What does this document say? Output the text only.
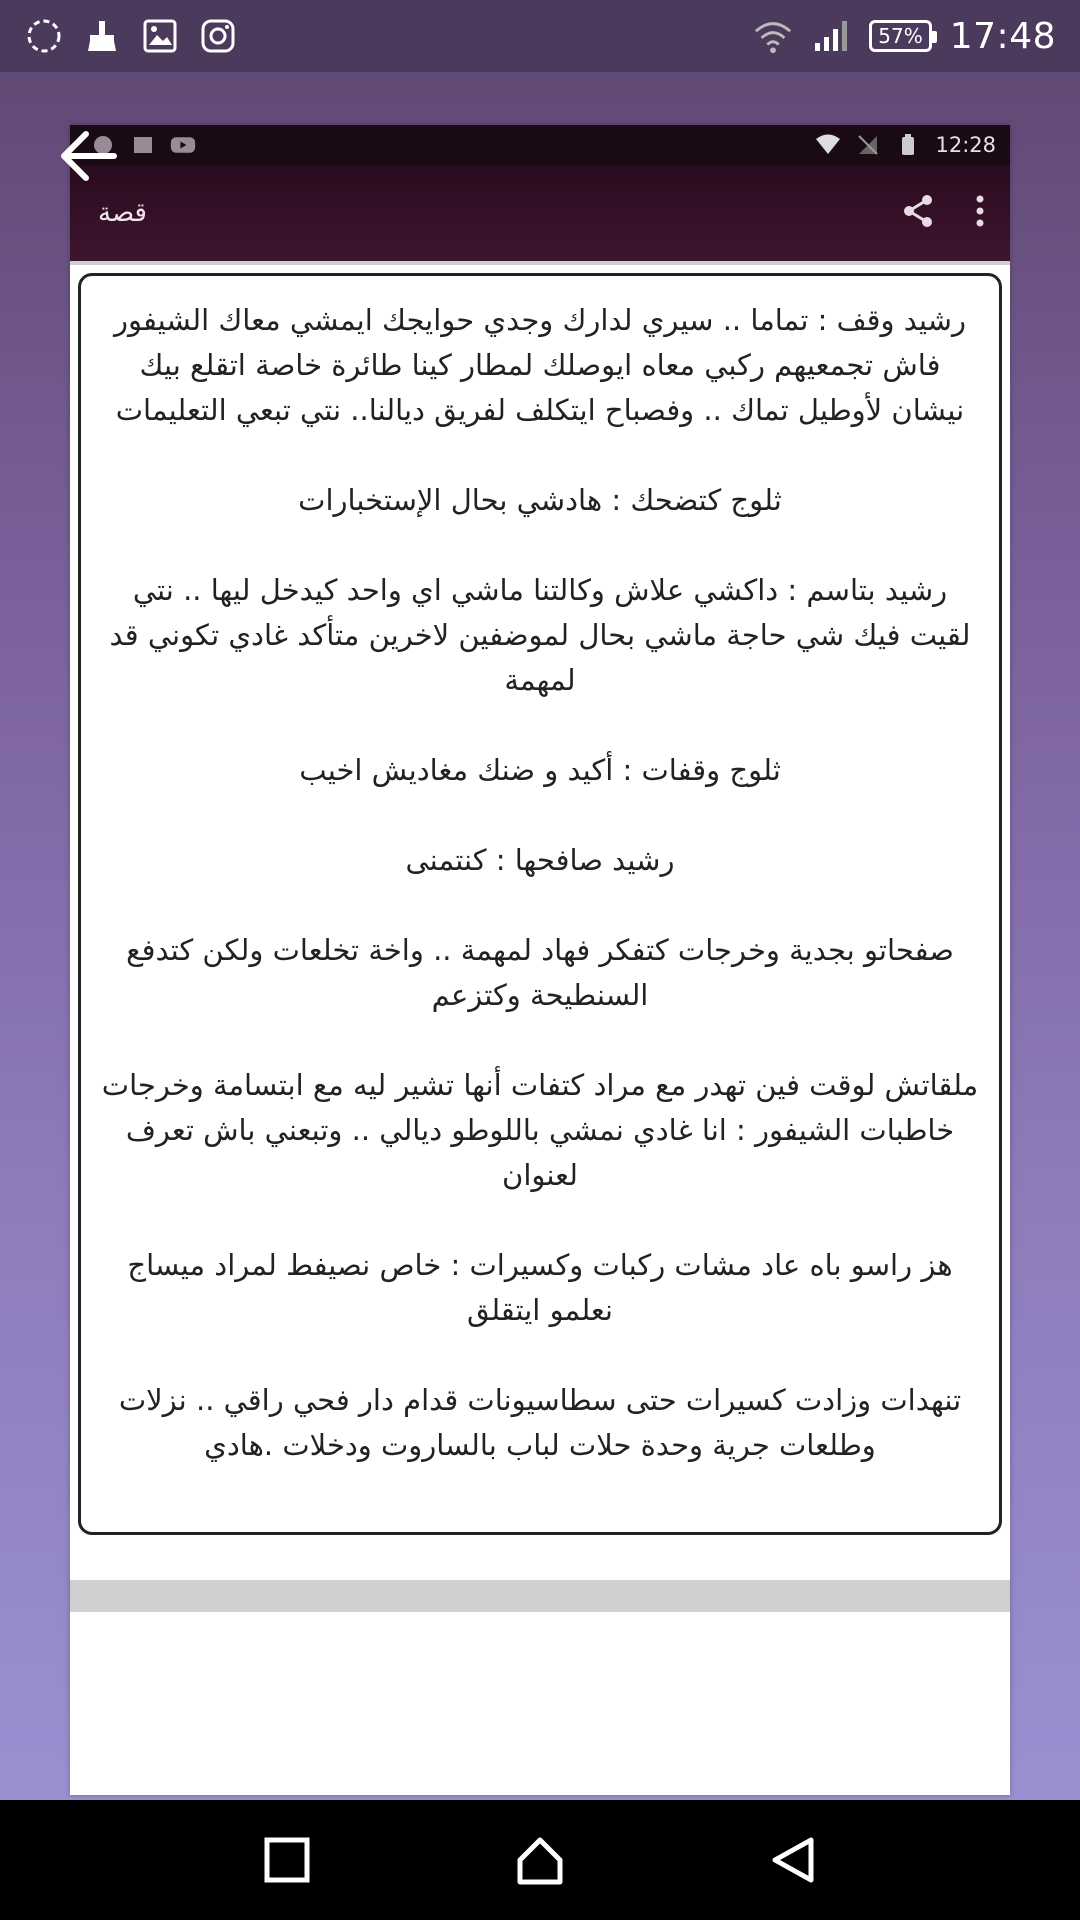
57% 17:48
12:28
قصة

رشيد وقف : تماما .. سيري لدارك وجدي حوايجك ايمشي معاك الشيفور فاش تجمعيهم ركبي معاه ايوصلك لمطار كينا طائرة خاصة اتقلع بيك نيشان لأوطيل تماك .. وفصباح ايتكلف لفريق ديالنا.. نتي تبعي التعليمات

ثلوج كتضحك : هادشي بحال الإستخبارات

رشيد بتاسم : داكشي علاش وكالتنا ماشي اي واحد كيدخل ليها .. نتي لقيت فيك شي حاجة ماشي بحال لموضفين لاخرين متأكد غادي تكوني قد لمهمة

ثلوج وقفات : أكيد و ضنك مغاديش اخيب

رشيد صافحها : كنتمنى

صفحاتو بجدية وخرجات كتفكر فهاد لمهمة .. واخة تخلعات ولكن كتدفع السنطيحة وكتزعم

ملقاتش لوقت فين تهدر مع مراد كتفات أنها تشير ليه مع ابتسامة وخرجات خاطبات الشيفور : انا غادي نمشي باللوطو ديالي .. وتبعني باش تعرف لعنوان

هز راسو باه عاد مشات ركبات وكسيرات : خاص نصيفط لمراد ميساج نعلمو ايتقلق

تنهدات وزادت كسيرات حتى سطاسيونات قدام دار فحي راقي .. نزلات وطلعات جرية وحدة حلات لباب بالساروت ودخلات .هادي
